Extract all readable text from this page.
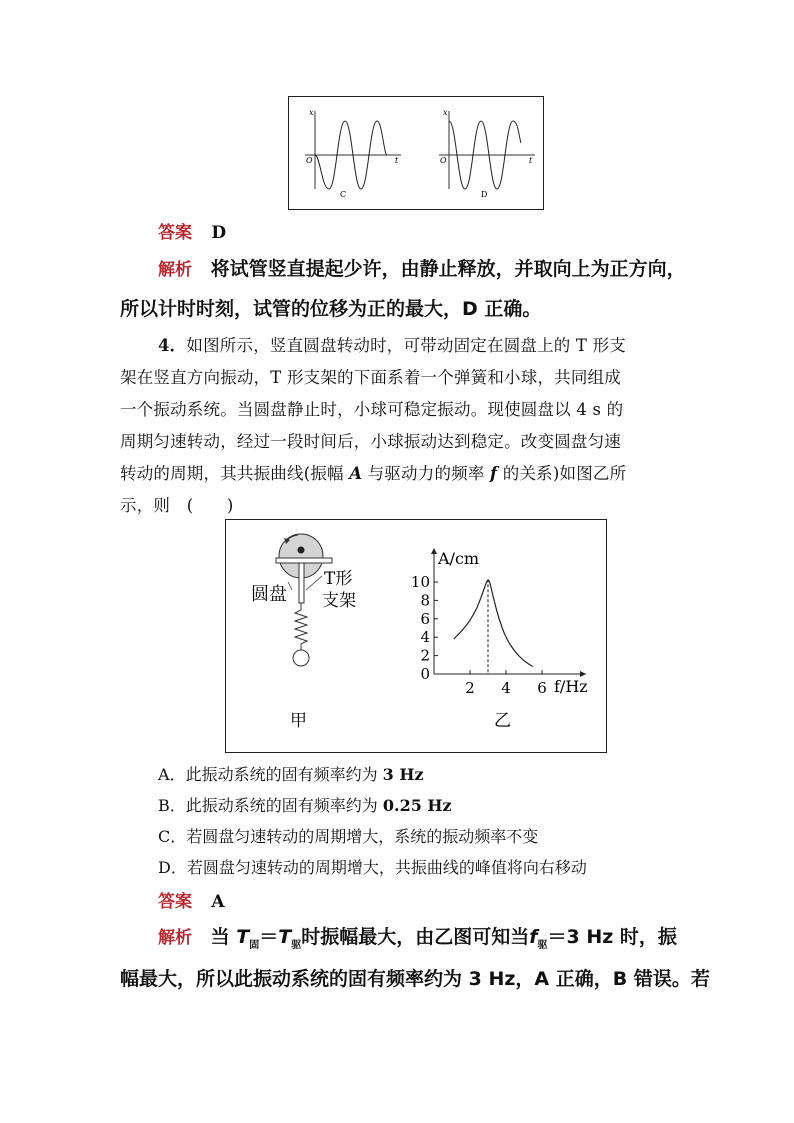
x
t
O
C
x
t
O
D
答案 D
解析 将试管竖直提起少许，由静止释放，并取向上为正方向，
所以计时时刻，试管的位移为正的最大，D 正确。
4．如图所示，竖直圆盘转动时，可带动固定在圆盘上的 T 形支
架在竖直方向振动，T 形支架的下面系着一个弹簧和小球，共同组成
一个振动系统。当圆盘静止时，小球可稳定振动。现使圆盘以 4 s 的
周期匀速转动，经过一段时间后，小球振动达到稳定。改变圆盘匀速
转动的周期，其共振曲线(振幅 A 与驱动力的频率 f 的关系)如图乙所
示，则　(　　)
圆盘
T形
支架
甲
0
2
4
6
8
10
2 4 6
A/cm
f/Hz
乙
A．此振动系统的固有频率约为 3 Hz
B．此振动系统的固有频率约为 0.25 Hz
C．若圆盘匀速转动的周期增大，系统的振动频率不变
D．若圆盘匀速转动的周期增大，共振曲线的峰值将向右移动
答案 A
解析 当 $T_固=T_驱$时振幅最大，由乙图可知当$f_驱=3$ Hz 时，振
幅最大，所以此振动系统的固有频率约为 3 Hz，A 正确，B 错误。若
